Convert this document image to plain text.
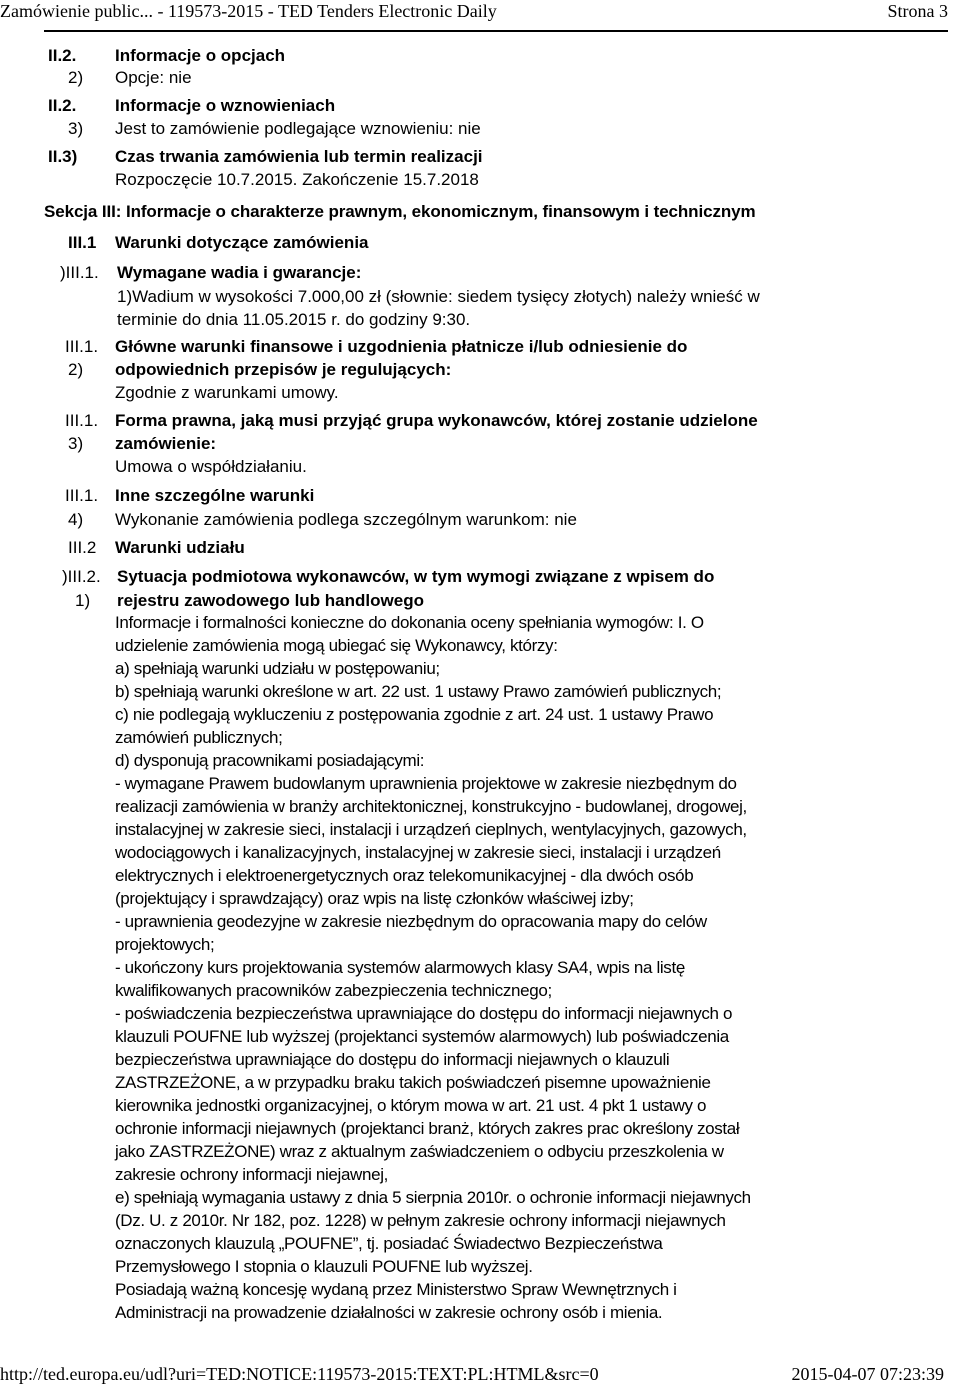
Zamówienie public... - 119573-2015 - TED Tenders Electronic Daily	Strona 3
II.2. Informacje o opcjach
2) Opcje: nie
II.2. Informacje o wznowieniach
3) Jest to zamówienie podlegające wznowieniu: nie
II.3) Czas trwania zamówienia lub termin realizacji
Rozpoczęcie 10.7.2015. Zakończenie 15.7.2018
Sekcja III: Informacje o charakterze prawnym, ekonomicznym, finansowym i technicznym
III.1 Warunki dotyczące zamówienia
)III.1. Wymagane wadia i gwarancje:
1)Wadium w wysokości 7.000,00 zł (słownie: siedem tysięcy złotych) należy wnieść w
terminie do dnia 11.05.2015 r. do godziny 9:30.
III.1. Główne warunki finansowe i uzgodnienia płatnicze i/lub odniesienie do
2) odpowiednich przepisów je regulujących:
Zgodnie z warunkami umowy.
III.1. Forma prawna, jaką musi przyjąć grupa wykonawców, której zostanie udzielone
3) zamówienie:
Umowa o współdziałaniu.
III.1. Inne szczególne warunki
4) Wykonanie zamówienia podlega szczególnym warunkom: nie
III.2 Warunki udziału
)III.2. Sytuacja podmiotowa wykonawców, w tym wymogi związane z wpisem do
1) rejestru zawodowego lub handlowego
Informacje i formalności konieczne do dokonania oceny spełniania wymogów: I. O
udzielenie zamówienia mogą ubiegać się Wykonawcy, którzy:
a) spełniają warunki udziału w postępowaniu;
b) spełniają warunki określone w art. 22 ust. 1 ustawy Prawo zamówień publicznych;
c) nie podlegają wykluczeniu z postępowania zgodnie z art. 24 ust. 1 ustawy Prawo
zamówień publicznych;
d) dysponują pracownikami posiadającymi:
- wymagane Prawem budowlanym uprawnienia projektowe w zakresie niezbędnym do
realizacji zamówienia w branży architektonicznej, konstrukcyjno - budowlanej, drogowej,
instalacyjnej w zakresie sieci, instalacji i urządzeń cieplnych, wentylacyjnych, gazowych,
wodociągowych i kanalizacyjnych, instalacyjnej w zakresie sieci, instalacji i urządzeń
elektrycznych i elektroenergetycznych oraz telekomunikacyjnej - dla dwóch osób
(projektujący i sprawdzający) oraz wpis na listę członków właściwej izby;
- uprawnienia geodezyjne w zakresie niezbędnym do opracowania mapy do celów
projektowych;
- ukończony kurs projektowania systemów alarmowych klasy SA4, wpis na listę
kwalifikowanych pracowników zabezpieczenia technicznego;
- poświadczenia bezpieczeństwa uprawniające do dostępu do informacji niejawnych o
klauzuli POUFNE lub wyższej (projektanci systemów alarmowych) lub poświadczenia
bezpieczeństwa uprawniające do dostępu do informacji niejawnych o klauzuli
ZASTRZEŻONE, a w przypadku braku takich poświadczeń pisemne upoważnienie
kierownika jednostki organizacyjnej, o którym mowa w art. 21 ust. 4 pkt 1 ustawy o
ochronie informacji niejawnych (projektanci branż, których zakres prac określony został
jako ZASTRZEŻONE) wraz z aktualnym zaświadczeniem o odbyciu przeszkolenia w
zakresie ochrony informacji niejawnej,
e) spełniają wymagania ustawy z dnia 5 sierpnia 2010r. o ochronie informacji niejawnych
(Dz. U. z 2010r. Nr 182, poz. 1228) w pełnym zakresie ochrony informacji niejawnych
oznaczonych klauzulą „POUFNE”, tj. posiadać Świadectwo Bezpieczeństwa
Przemysłowego I stopnia o klauzuli POUFNE lub wyższej.
Posiadają ważną koncesję wydaną przez Ministerstwo Spraw Wewnętrznych i
Administracji na prowadzenie działalności w zakresie ochrony osób i mienia.
http://ted.europa.eu/udl?uri=TED:NOTICE:119573-2015:TEXT:PL:HTML&src=0	2015-04-07 07:23:39
